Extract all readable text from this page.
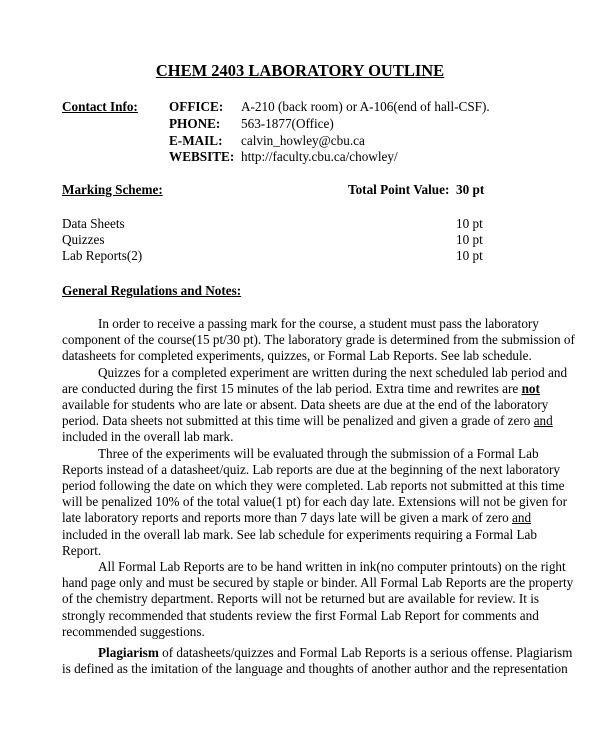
CHEM 2403 LABORATORY OUTLINE
Contact Info: OFFICE: A-210 (back room) or A-106(end of hall-CSF).
PHONE: 563-1877(Office)
E-MAIL: calvin_howley@cbu.ca
WEBSITE: http://faculty.cbu.ca/chowley/
Marking Scheme:	Total Point Value: 30 pt
Data Sheets	10 pt
Quizzes	10 pt
Lab Reports(2)	10 pt
General Regulations and Notes:
In order to receive a passing mark for the course, a student must pass the laboratory
component of the course(15 pt/30 pt). The laboratory grade is determined from the submission of
datasheets for completed experiments, quizzes, or Formal Lab Reports. See lab schedule.
Quizzes for a completed experiment are written during the next scheduled lab period and
are conducted during the first 15 minutes of the lab period. Extra time and rewrites are not
available for students who are late or absent. Data sheets are due at the end of the laboratory
period. Data sheets not submitted at this time will be penalized and given a grade of zero and
included in the overall lab mark.
Three of the experiments will be evaluated through the submission of a Formal Lab
Reports instead of a datasheet/quiz. Lab reports are due at the beginning of the next laboratory
period following the date on which they were completed. Lab reports not submitted at this time
will be penalized 10% of the total value(1 pt) for each day late. Extensions will not be given for
late laboratory reports and reports more than 7 days late will be given a mark of zero and
included in the overall lab mark. See lab schedule for experiments requiring a Formal Lab
Report.
All Formal Lab Reports are to be hand written in ink(no computer printouts) on the right
hand page only and must be secured by staple or binder. All Formal Lab Reports are the property
of the chemistry department. Reports will not be returned but are available for review. It is
strongly recommended that students review the first Formal Lab Report for comments and
recommended suggestions.
Plagiarism of datasheets/quizzes and Formal Lab Reports is a serious offense. Plagiarism
is defined as the imitation of the language and thoughts of another author and the representation
